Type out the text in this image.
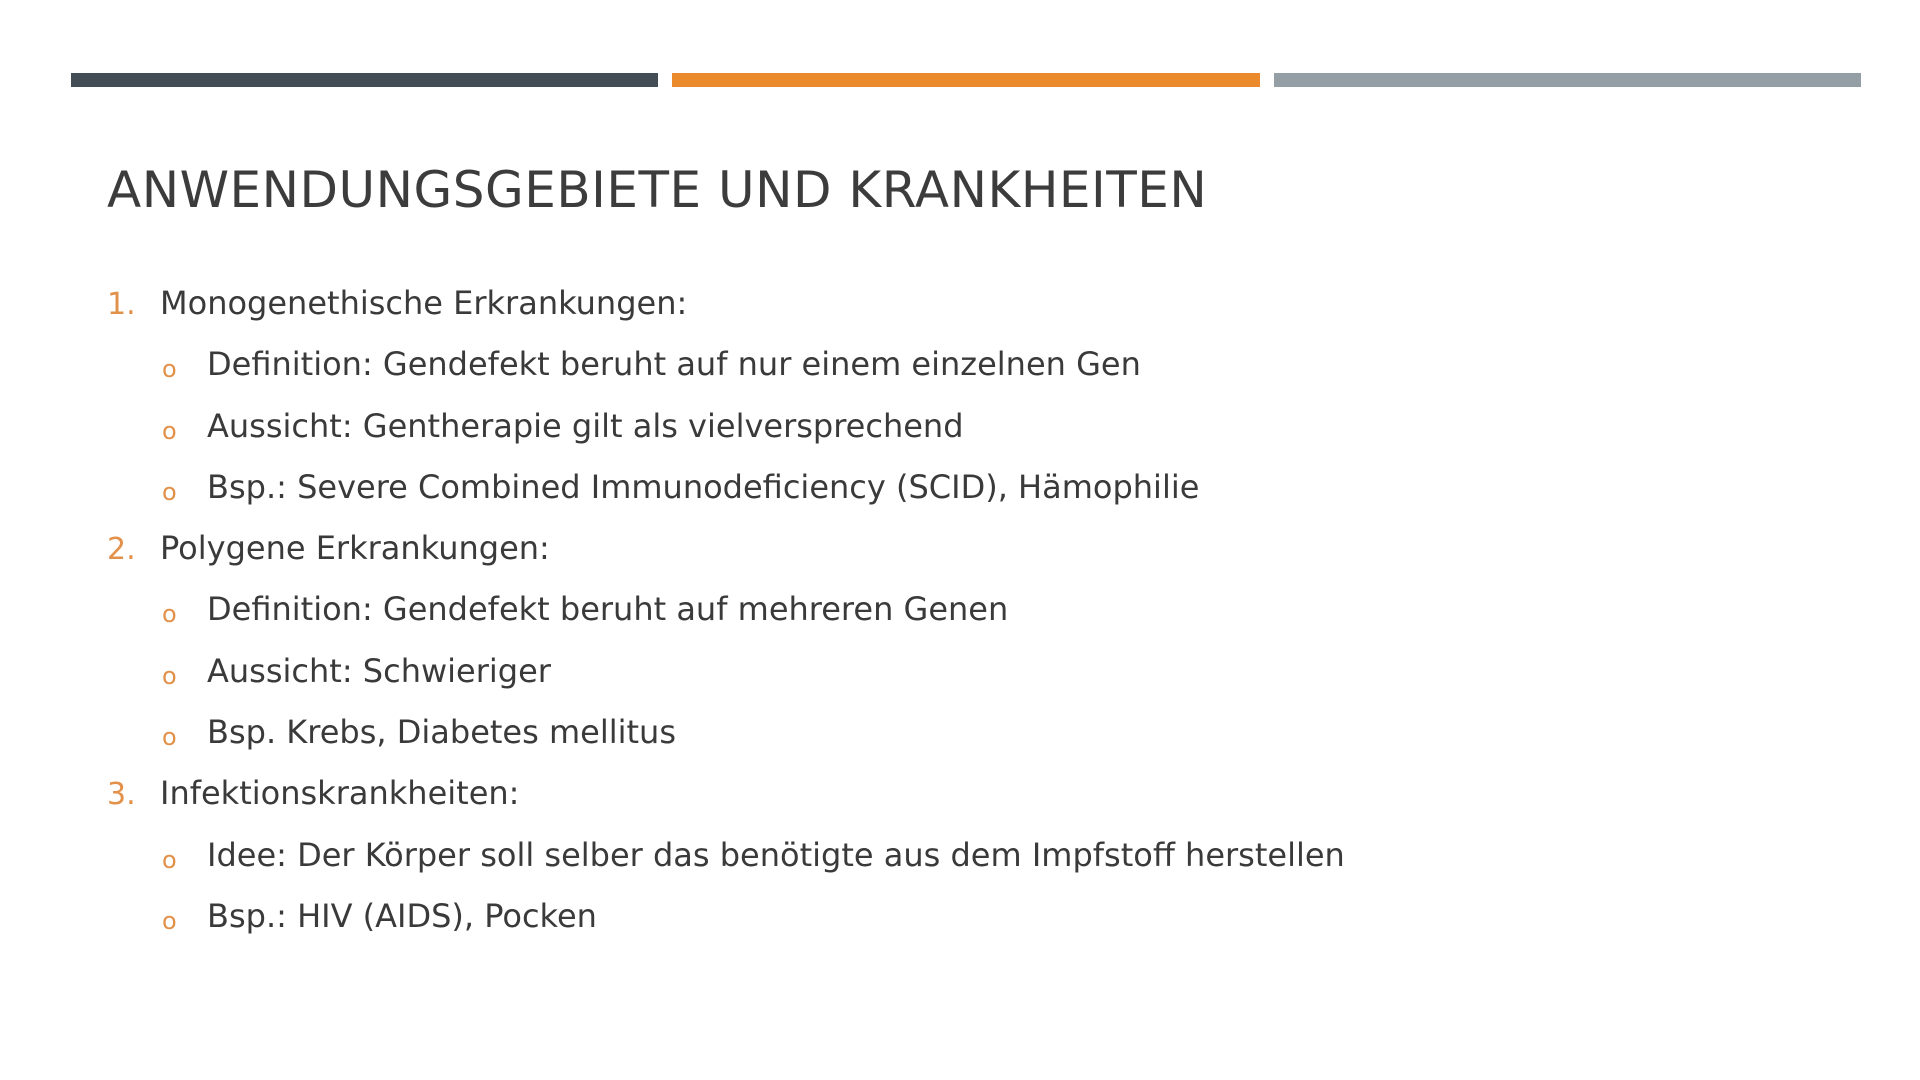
ANWENDUNGSGEBIETE UND KRANKHEITEN
1. Monogenethische Erkrankungen:
o Definition: Gendefekt beruht auf nur einem einzelnen Gen
o Aussicht: Gentherapie gilt als vielversprechend
o Bsp.: Severe Combined Immunodeficiency (SCID), Hämophilie
2. Polygene Erkrankungen:
o Definition: Gendefekt beruht auf mehreren Genen
o Aussicht: Schwieriger
o Bsp. Krebs, Diabetes mellitus
3. Infektionskrankheiten:
o Idee: Der Körper soll selber das benötigte aus dem Impfstoff herstellen
o Bsp.: HIV (AIDS), Pocken
